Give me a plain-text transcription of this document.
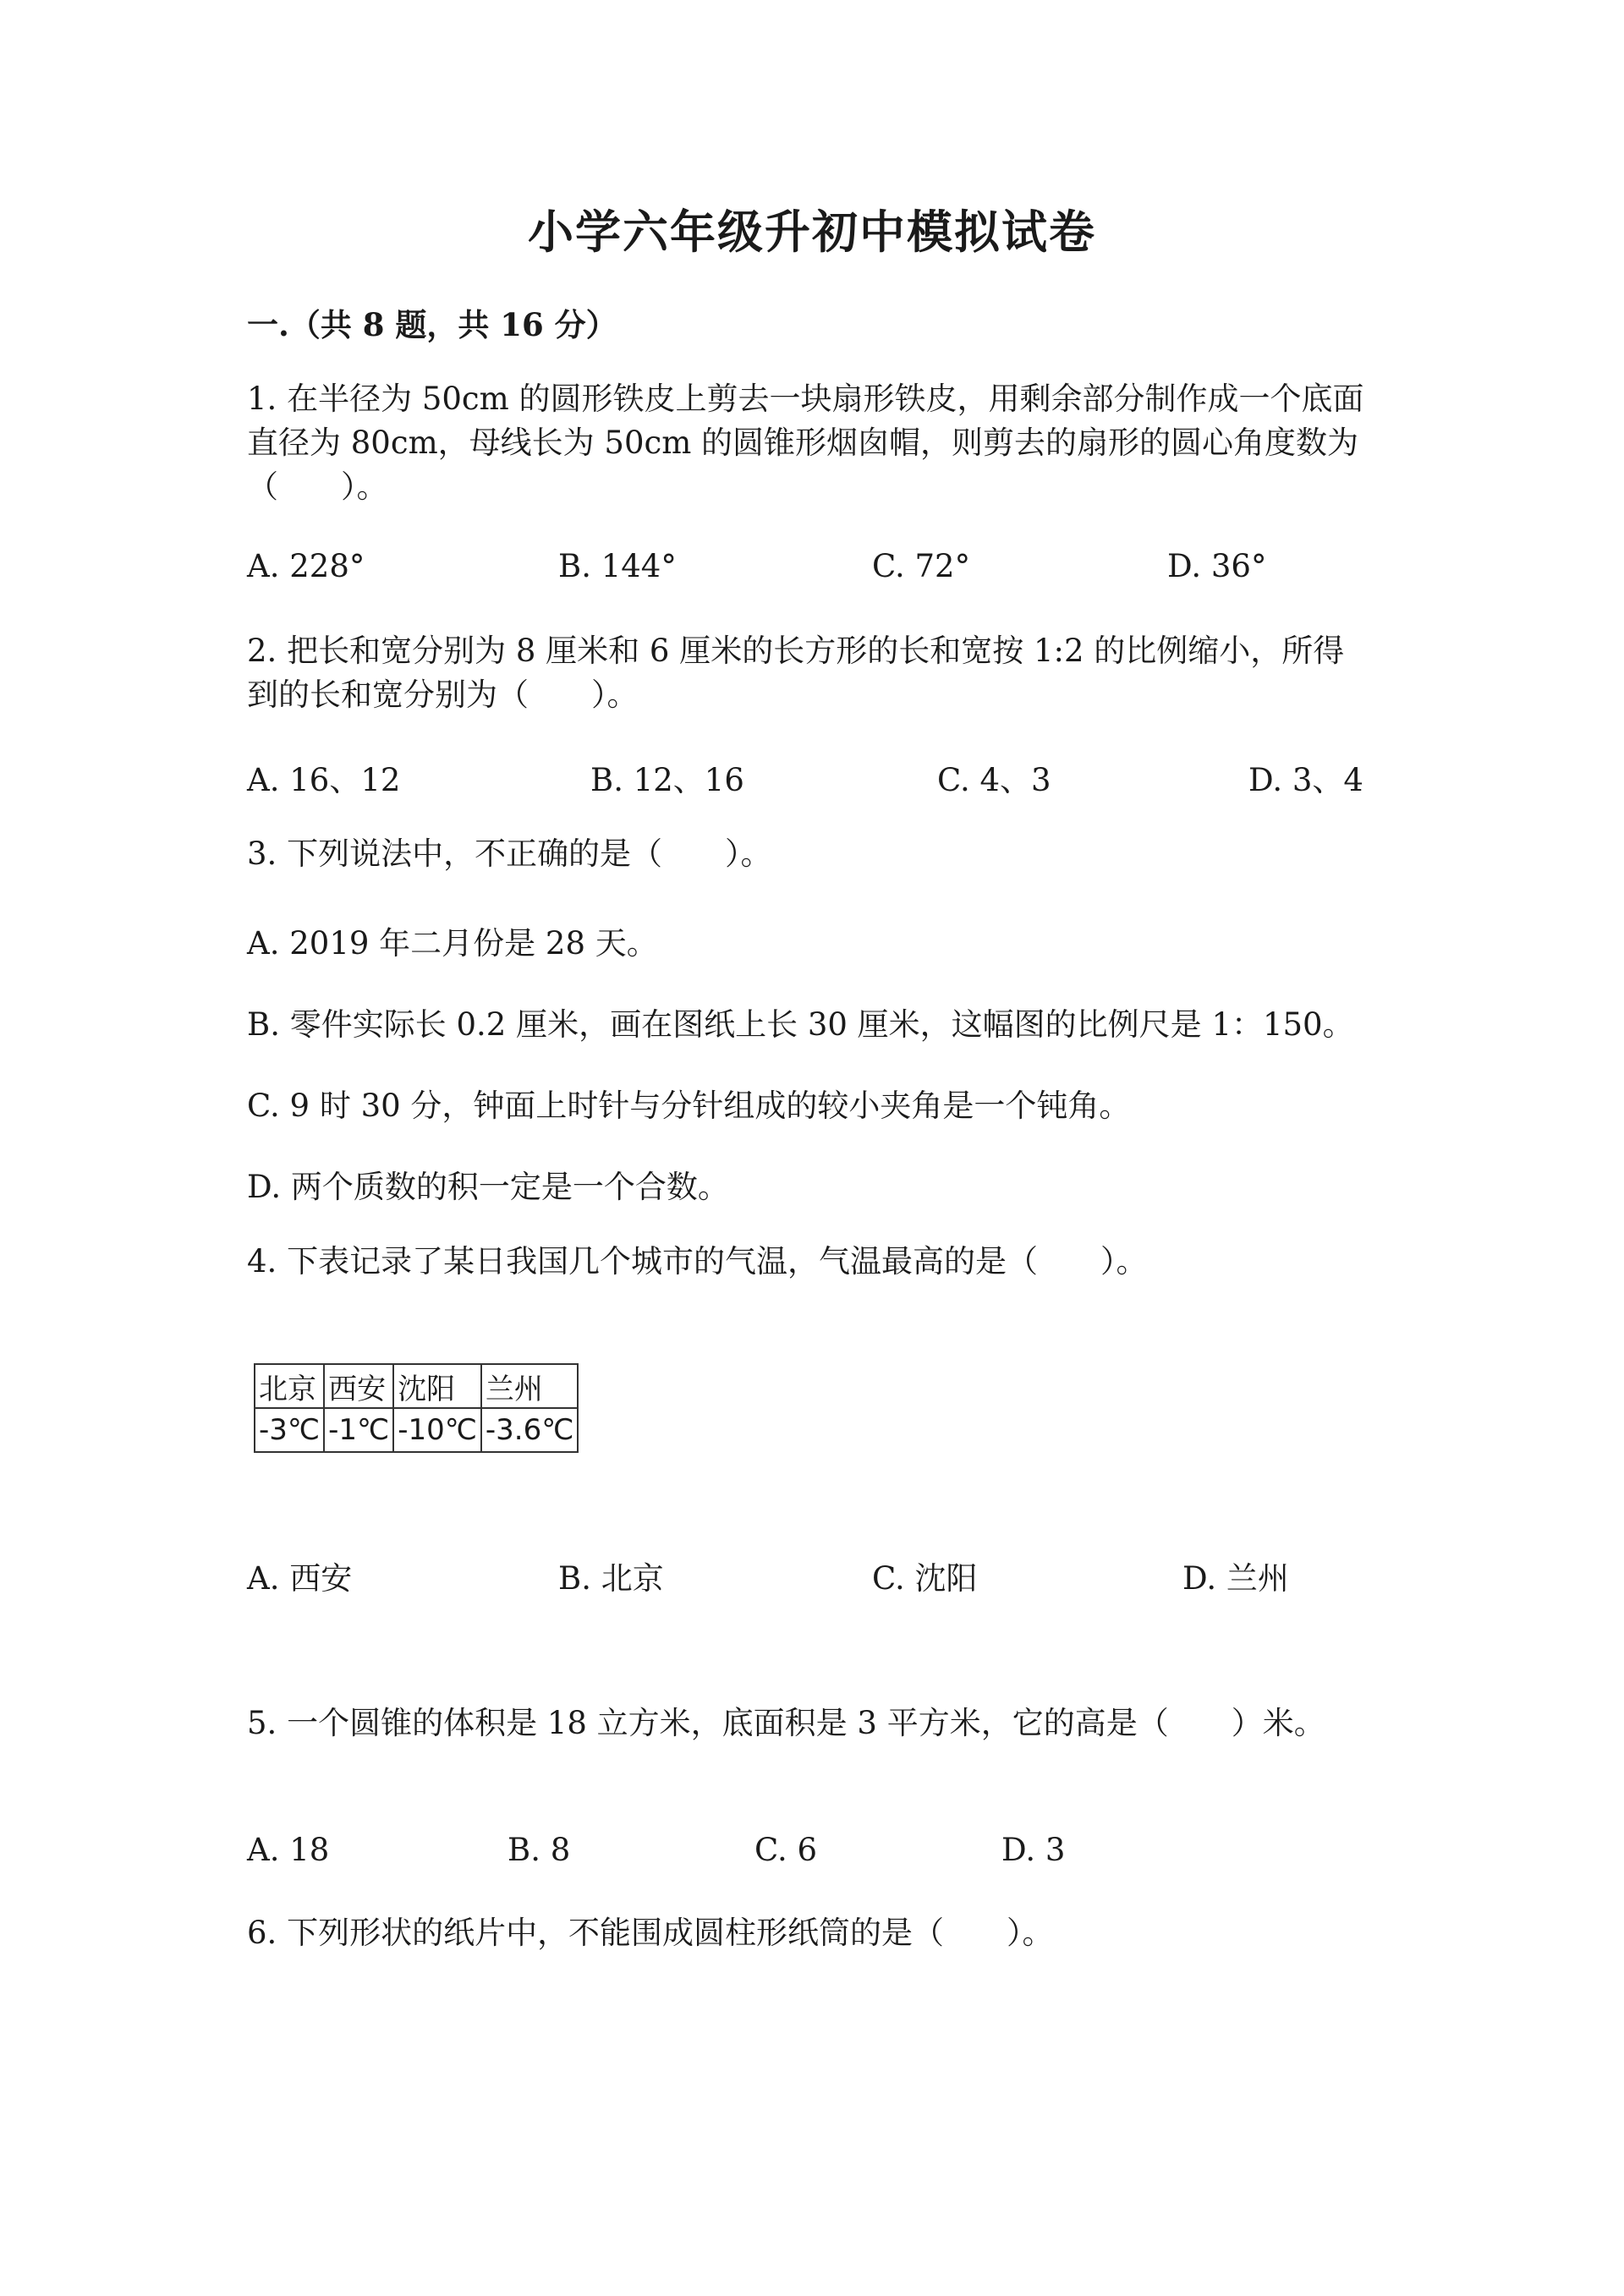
小学六年级升初中模拟试卷
一.（共 8 题，共 16 分）
1. 在半径为 50cm 的圆形铁皮上剪去一块扇形铁皮，用剩余部分制作成一个底面
直径为 80cm，母线长为 50cm 的圆锥形烟囱帽，则剪去的扇形的圆心角度数为
（　　）。
A. 228°	B. 144°	C. 72°	D. 36°
2. 把长和宽分别为 8 厘米和 6 厘米的长方形的长和宽按 1:2 的比例缩小，所得
到的长和宽分别为（　　）。
A. 16、12	B. 12、16	C. 4、3	D. 3、4
3. 下列说法中，不正确的是（　　）。
A. 2019 年二月份是 28 天。
B. 零件实际长 0.2 厘米，画在图纸上长 30 厘米，这幅图的比例尺是 1：150。
C. 9 时 30 分，钟面上时针与分针组成的较小夹角是一个钝角。
D. 两个质数的积一定是一个合数。
4. 下表记录了某日我国几个城市的气温，气温最高的是（　　）。
北京	西安	沈阳	兰州
-3℃	-1℃	-10℃	-3.6℃
A. 西安	B. 北京	C. 沈阳	D. 兰州
5. 一个圆锥的体积是 18 立方米，底面积是 3 平方米，它的高是（　　）米。
A. 18	B. 8	C. 6	D. 3
6. 下列形状的纸片中，不能围成圆柱形纸筒的是（　　）。
